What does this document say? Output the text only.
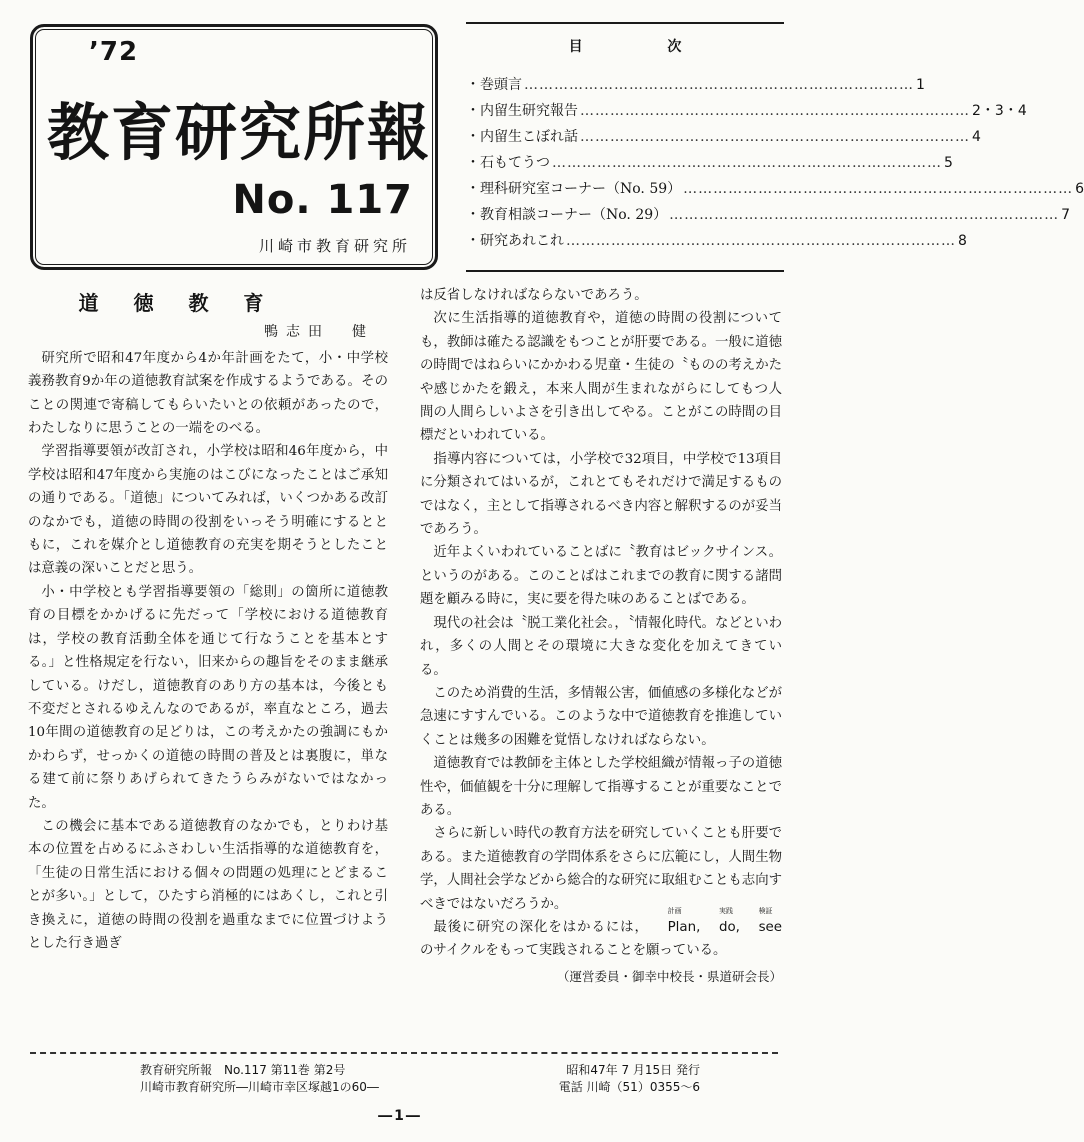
’72
教育研究所報
No. 117
川崎市教育研究所
目 次
・巻頭言 …………………………………………………………………… 1
・内留生研究報告 …………………………………………………………………… 2・3・4
・内留生こぼれ話 …………………………………………………………………… 4
・石もてうつ …………………………………………………………………… 5
・理科研究室コーナー（No. 59） …………………………………………………………………… 6
・教育相談コーナー（No. 29） …………………………………………………………………… 7
・研究あれこれ …………………………………………………………………… 8
道 徳 教 育
鴨志田　健

研究所で昭和47年度から4か年計画をたて，小・中学校義務教育9か年の道徳教育試案を作成するようである。そのことの関連で寄稿してもらいたいとの依頼があったので，わたしなりに思うことの一端をのべる。

学習指導要領が改訂され，小学校は昭和46年度から，中学校は昭和47年度から実施のはこびになったことはご承知の通りである。「道徳」についてみれば，いくつかある改訂のなかでも，道徳の時間の役割をいっそう明確にするとともに，これを媒介とし道徳教育の充実を期そうとしたことは意義の深いことだと思う。

小・中学校とも学習指導要領の「総則」の箇所に道徳教育の目標をかかげるに先だって「学校における道徳教育は，学校の教育活動全体を通じて行なうことを基本とする。」と性格規定を行ない，旧来からの趣旨をそのまま継承している。けだし，道徳教育のあり方の基本は，今後とも不変だとされるゆえんなのであるが，率直なところ，過去10年間の道徳教育の足どりは，この考えかたの強調にもかかわらず，せっかくの道徳の時間の普及とは裏腹に，単なる建て前に祭りあげられてきたうらみがないではなかった。

この機会に基本である道徳教育のなかでも，とりわけ基本の位置を占めるにふさわしい生活指導的な道徳教育を，「生徒の日常生活における個々の問題の処理にとどまることが多い。」として，ひたすら消極的にはあくし，これと引き換えに，道徳の時間の役割を過重なまでに位置づけようとした行き過ぎ

は反省しなければならないであろう。

次に生活指導的道徳教育や，道徳の時間の役割についても，教師は確たる認識をもつことが肝要である。一般に道徳の時間ではねらいにかかわる児童・生徒の〝ものの考えかたや感じかたを鍛え，本来人間が生まれながらにしてもつ人間の人間らしいよさを引き出してやる。ことがこの時間の目標だといわれている。

指導内容については，小学校で32項目，中学校で13項目に分類されてはいるが，これとてもそれだけで満足するものではなく，主として指導されるべき内容と解釈するのが妥当であろう。

近年よくいわれていることばに〝教育はビックサインス。というのがある。このことばはこれまでの教育に関する諸問題を顧みる時に，実に要を得た味のあることばである。

現代の社会は〝脱工業化社会。，〝情報化時代。などといわれ，多くの人間とその環境に大きな変化を加えてきている。

このため消費的生活，多情報公害，価値感の多様化などが急速にすすんでいる。このような中で道徳教育を推進していくことは幾多の困難を覚悟しなければならない。

道徳教育では教師を主体とした学校組織が情報っ子の道徳性や，価値観を十分に理解して指導することが重要なことである。

さらに新しい時代の教育方法を研究していくことも肝要である。また道徳教育の学問体系をさらに広範にし，人間生物学，人間社会学などから総合的な研究に取組むことも志向すべきではないだろうか。

最後に研究の深化をはかるには，
計画
Plan,
実践
do,
検証
see のサイクルをもって実践されることを願っている。

（運営委員・御幸中校長・県道研会長）
教育研究所報　No.117 第11巻 第2号	昭和47年 7 月15日 発行
川崎市教育研究所―川崎市幸区塚越1の60―	電話 川崎（51）0355～6
―1―
